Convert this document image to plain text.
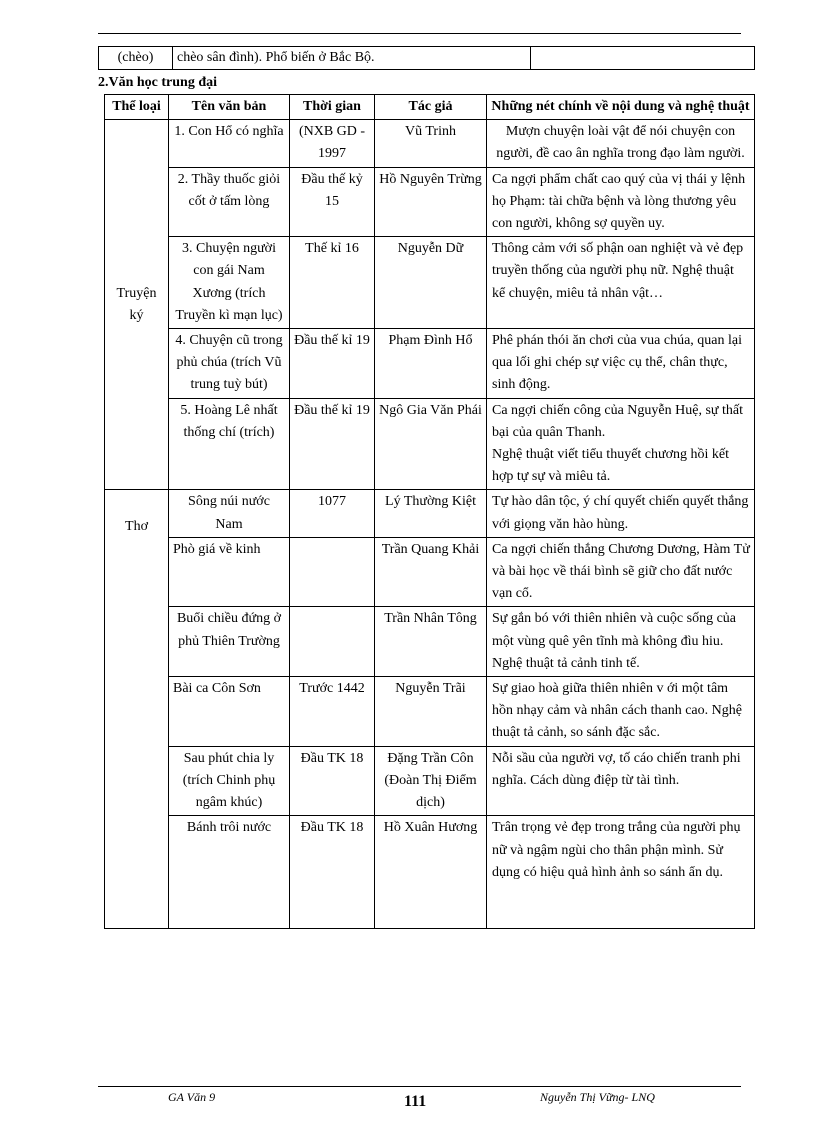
(chèo)	chèo sân đình). Phổ biến ở Bắc Bộ.	

2.Văn học trung đại

Thể loại	Tên văn bản	Thời gian	Tác giả	Những nét chính về nội dung và nghệ thuật
Truyện ký	1. Con Hổ có nghĩa	(NXB GD - 1997	Vũ Trinh	Mượn chuyện loài vật để nói chuyện con người, đề cao ân nghĩa trong đạo làm người.
	2. Thầy thuốc giỏi cốt ở tấm lòng	Đầu thế kỷ 15	Hồ Nguyên Trừng	Ca ngợi phẩm chất cao quý của vị thái y lệnh họ Phạm: tài chữa bệnh và lòng thương yêu con người, không sợ quyền uy.
	3. Chuyện người con gái Nam Xương (trích Truyền kì mạn lục)	Thế kỉ 16	Nguyễn Dữ	Thông cảm với số phận oan nghiệt và vẻ đẹp truyền thống của người phụ nữ. Nghệ thuật kể chuyện, miêu tả nhân vật…
	4. Chuyện cũ trong phủ chúa (trích Vũ trung tuỳ bút)	Đầu thế kỉ 19	Phạm Đình Hổ	Phê phán thói ăn chơi của vua chúa, quan lại qua lối ghi chép sự việc cụ thể, chân thực, sinh động.
	5. Hoàng Lê nhất thống chí (trích)	Đầu thế kỉ 19	Ngô Gia Văn Phái	Ca ngợi chiến công của Nguyễn Huệ, sự thất bại của quân Thanh.
Nghệ thuật viết tiểu thuyết chương hồi kết hợp tự sự và miêu tả.
Thơ	Sông núi nước Nam	1077	Lý Thường Kiệt	Tự hào dân tộc, ý chí quyết chiến quyết thắng với giọng văn hào hùng.
	Phò giá về kinh		Trần Quang Khải	Ca ngợi chiến thắng Chương Dương, Hàm Tử và bài học về thái bình sẽ giữ cho đất nước vạn cổ.
	Buổi chiều đứng ở phủ Thiên Trường		Trần Nhân Tông	Sự gắn bó với thiên nhiên và cuộc sống của một vùng quê yên tĩnh mà không đìu hiu. Nghệ thuật tả cảnh tinh tế.
	Bài ca Côn Sơn	Trước 1442	Nguyễn Trãi	Sự giao hoà giữa thiên nhiên v ới một tâm hồn nhạy cảm và nhân cách thanh cao. Nghệ thuật tả cảnh, so sánh đặc sắc.
	Sau phút chia ly (trích Chinh phụ ngâm khúc)	Đầu TK 18	Đặng Trần Côn (Đoàn Thị Điểm dịch)	Nỗi sầu của người vợ, tố cáo chiến tranh phi nghĩa. Cách dùng điệp từ tài tình.
	Bánh trôi nước	Đầu TK 18	Hồ Xuân Hương	Trân trọng vẻ đẹp trong trắng của người phụ nữ và ngậm ngùi cho thân phận mình. Sử dụng có hiệu quả hình ảnh so sánh ẩn dụ.
GA Văn 9	111	Nguyễn Thị Vững- LNQ
